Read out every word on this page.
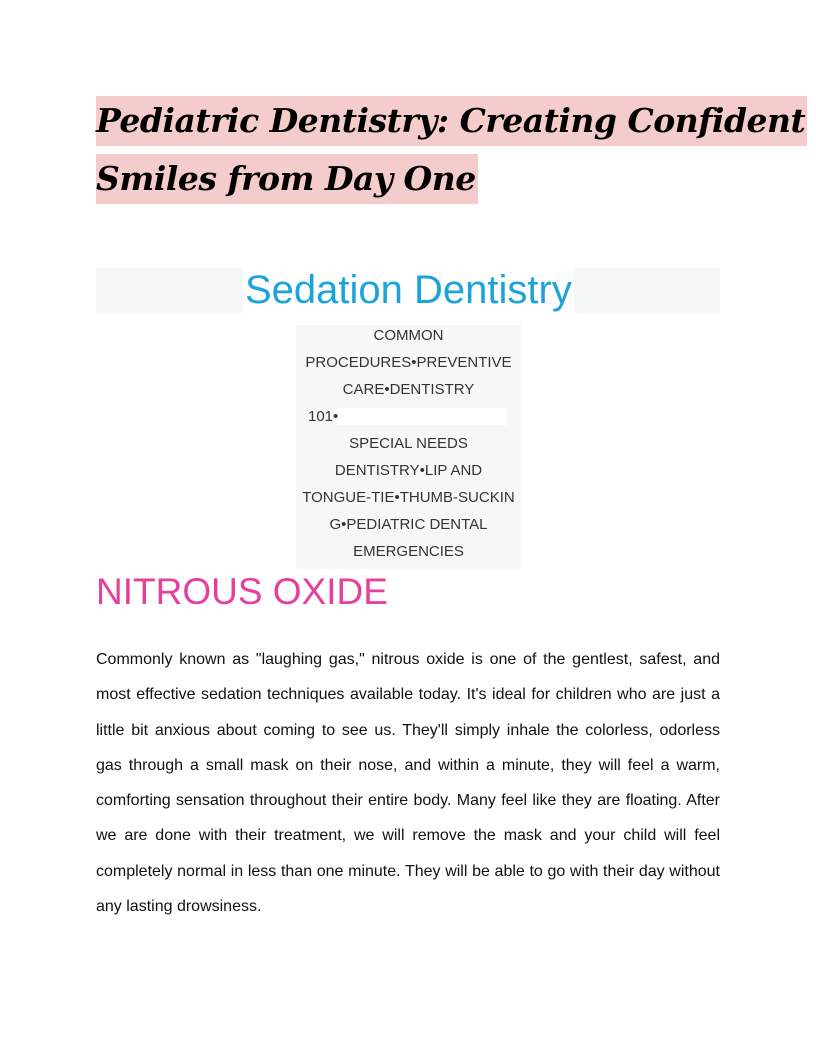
Pediatric Dentistry: Creating Confident
Smiles from Day One
Sedation Dentistry
COMMON
PROCEDURES•PREVENTIVE
CARE•DENTISTRY
101•
SPECIAL NEEDS
DENTISTRY•LIP AND
TONGUE-TIE•THUMB-SUCKIN
G•PEDIATRIC DENTAL
EMERGENCIES
NITROUS OXIDE

Commonly known as "laughing gas," nitrous oxide is one of the gentlest, safest, and most effective sedation techniques available today. It's ideal for children who are just a little bit anxious about coming to see us. They'll simply inhale the colorless, odorless gas through a small mask on their nose, and within a minute, they will feel a warm, comforting sensation throughout their entire body. Many feel like they are floating. After we are done with their treatment, we will remove the mask and your child will feel completely normal in less than one minute. They will be able to go with their day without any lasting drowsiness.
